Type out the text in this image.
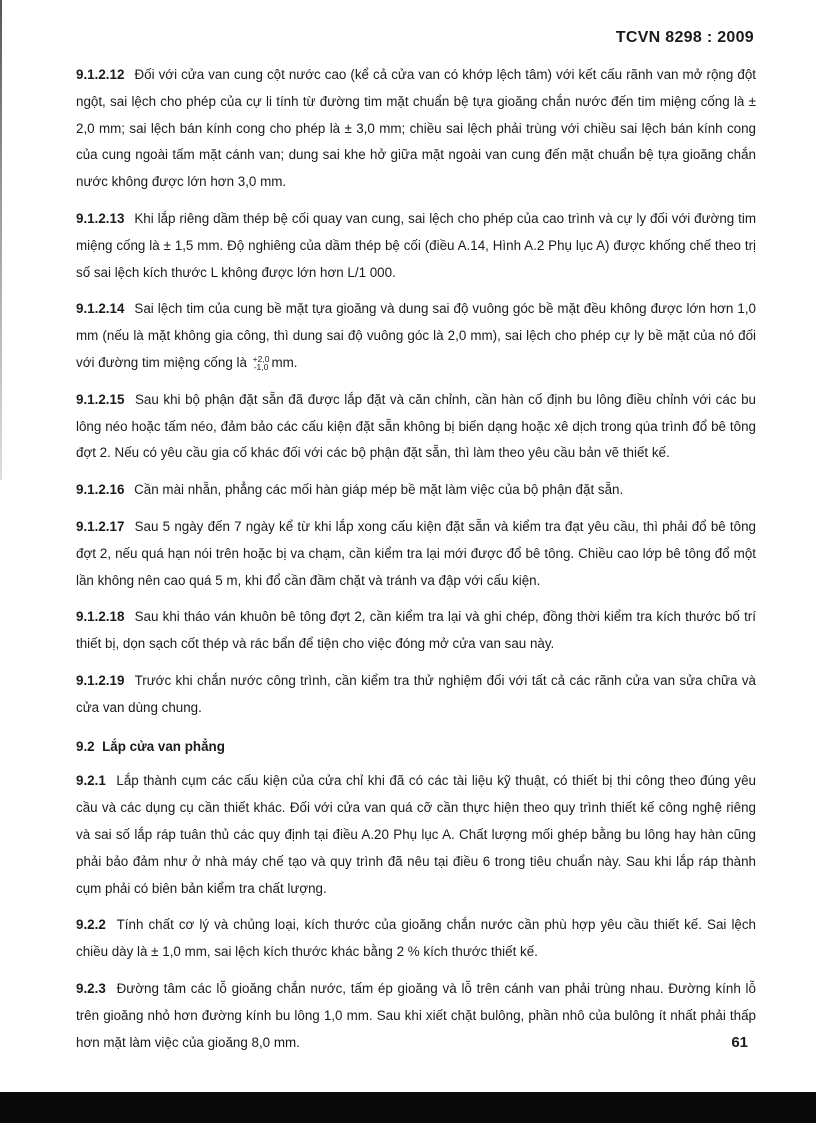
TCVN 8298 : 2009

9.1.2.12 Đối với cửa van cung cột nước cao (kể cả cửa van có khớp lệch tâm) với kết cấu rãnh van mở rộng đột ngột, sai lệch cho phép của cự li tính từ đường tim mặt chuẩn bệ tựa gioăng chắn nước đến tim miệng cống là ± 2,0 mm; sai lệch bán kính cong cho phép là ± 3,0 mm; chiều sai lệch phải trùng với chiều sai lệch bán kính cong của cung ngoài tấm mặt cánh van; dung sai khe hở giữa mặt ngoài van cung đến mặt chuẩn bệ tựa gioăng chắn nước không được lớn hơn 3,0 mm.

9.1.2.13 Khi lắp riêng dầm thép bệ cối quay van cung, sai lệch cho phép của cao trình và cự ly đối với đường tim miệng cống là ± 1,5 mm. Độ nghiêng của dầm thép bệ cối (điều A.14, Hình A.2 Phụ lục A) được khống chế theo trị số sai lệch kích thước L không được lớn hơn L/1 000.

9.1.2.14 Sai lệch tim của cung bề mặt tựa gioăng và dung sai độ vuông góc bề mặt đều không được lớn hơn 1,0 mm (nếu là mặt không gia công, thì dung sai độ vuông góc là 2,0 mm), sai lệch cho phép cự ly bề mặt của nó đối với đường tim miệng cống là +2,0
-1,0 mm.

9.1.2.15 Sau khi bộ phận đặt sẵn đã được lắp đặt và căn chỉnh, cần hàn cố định bu lông điều chỉnh với các bu lông néo hoặc tấm néo, đảm bảo các cấu kiện đặt sẵn không bị biến dạng hoặc xê dịch trong qúa trình đổ bê tông đợt 2. Nếu có yêu cầu gia cố khác đối với các bộ phận đặt sẵn, thì làm theo yêu cầu bản vẽ thiết kế.

9.1.2.16 Cần mài nhẵn, phẳng các mối hàn giáp mép bề mặt làm việc của bộ phận đặt sẵn.

9.1.2.17 Sau 5 ngày đến 7 ngày kể từ khi lắp xong cấu kiện đặt sẵn và kiểm tra đạt yêu cầu, thì phải đổ bê tông đợt 2, nếu quá hạn nói trên hoặc bị va chạm, cần kiểm tra lại mới được đổ bê tông. Chiều cao lớp bê tông đổ một lần không nên cao quá 5 m, khi đổ cần đầm chặt và tránh va đập với cấu kiện.

9.1.2.18 Sau khi tháo ván khuôn bê tông đợt 2, cần kiểm tra lại và ghi chép, đồng thời kiểm tra kích thước bố trí thiết bị, dọn sạch cốt thép và rác bẩn để tiện cho việc đóng mở cửa van sau này.

9.1.2.19 Trước khi chắn nước công trình, cần kiểm tra thử nghiệm đối với tất cả các rãnh cửa van sửa chữa và cửa van dùng chung.

9.2 Lắp cửa van phẳng

9.2.1 Lắp thành cụm các cấu kiện của cửa chỉ khi đã có các tài liệu kỹ thuật, có thiết bị thi công theo đúng yêu cầu và các dụng cụ cần thiết khác. Đối với cửa van quá cỡ cần thực hiện theo quy trình thiết kế công nghệ riêng và sai số lắp ráp tuân thủ các quy định tại điều A.20 Phụ lục A. Chất lượng mối ghép bằng bu lông hay hàn cũng phải bảo đảm như ở nhà máy chế tạo và quy trình đã nêu tại điều 6 trong tiêu chuẩn này. Sau khi lắp ráp thành cụm phải có biên bản kiểm tra chất lượng.

9.2.2 Tính chất cơ lý và chủng loại, kích thước của gioăng chắn nước cần phù hợp yêu cầu thiết kế. Sai lệch chiều dày là ± 1,0 mm, sai lệch kích thước khác bằng 2 % kích thước thiết kế.

9.2.3 Đường tâm các lỗ gioăng chắn nước, tấm ép gioăng và lỗ trên cánh van phải trùng nhau. Đường kính lỗ trên gioăng nhỏ hơn đường kính bu lông 1,0 mm. Sau khi xiết chặt bulông, phần nhô của bulông ít nhất phải thấp hơn mặt làm việc của gioăng 8,0 mm.	61
